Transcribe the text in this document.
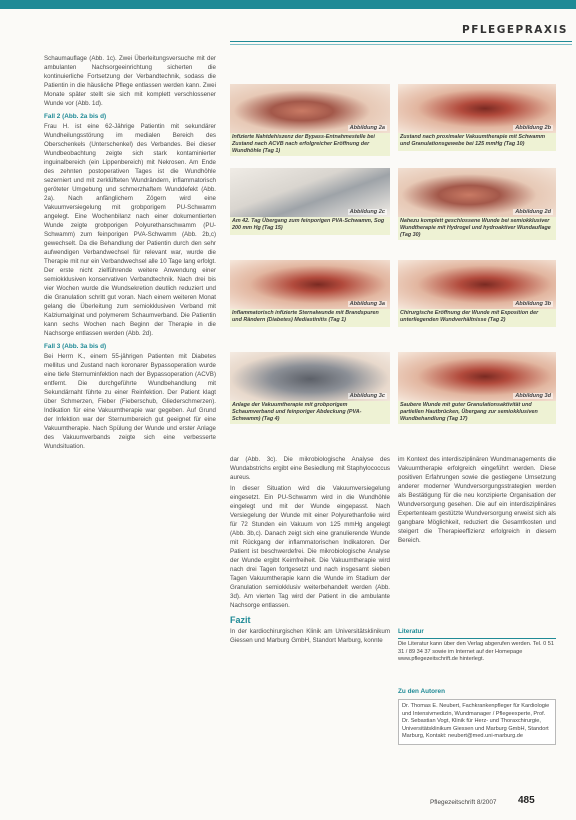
PFLEGEPRAXIS

Schaumauflage (Abb. 1c). Zwei Überleitungsversuche mit der ambulanten Nachsorgeeinrichtung sicherten die kontinuierliche Fortsetzung der Verbandtechnik, sodass die Patientin in die häusliche Pflege entlassen werden kann. Zwei Monate später stellt sie sich mit komplett verschlossener Wunde vor (Abb. 1d).

Fall 2 (Abb. 2a bis d)

Frau H. ist eine 62-Jährige Patientin mit sekundärer Wundheilungsstörung im medialen Bereich des Oberschenkels (Unterschenkel) des Verbandes. Bei dieser Wundbeobachtung zeigte sich stark kontaminierter inguinalbereich (ein Lippenbereich) mit Nekrosen. Am Ende des zehnten postoperativen Tages ist die Wundhöhle sezerniert und mit zerklüfteten Wundrändern, inflammatorisch geröteter Umgebung und schmerzhaftem Wunddefekt (Abb. 2a). Nach anfänglichem Zögern wird eine Vakuumversiegelung mit grobporigem PU-Schwamm angelegt. Eine Wochenbilanz nach einer dokumentierten Wunde zeigte grobporigen Polyurethanschwamm (PU-Schwamm) zum feinporigen PVA-Schwamm (Abb. 2b,c) gewechselt. Da die Behandlung der Patientin durch den sehr aufwendigen Verbandwechsel für relevant war, wurde die Therapie mit nur ein Verbandwechsel alle 10 Tage lang erfolgt. Der erste nicht zielführende weitere Anwendung einer semiokklusiven konservativen Verbandtechnik. Nach drei bis vier Wochen wurde die Wundsekretion deutlich reduziert und die Granulation schritt gut voran. Nach einem weiteren Monat gelang die Überleitung zum semiokklusiven Verband mit Kalziumalginat und polymerem Schaumverband. Die Patientin kann sechs Wochen nach Beginn der Therapie in die Nachsorge entlassen werden (Abb. 2d).

Fall 3 (Abb. 3a bis d)

Bei Herrn K., einem 55-jährigen Patienten mit Diabetes mellitus und Zustand nach koronarer Bypassoperation wurde eine tiefe Sternuminfektion nach der Bypassoperation (ACVB) entfernt. Die durchgeführte Wundbehandlung mit Sekundärnaht führte zu einer Reinfektion. Der Patient klagt über Schmerzen, Fieber (Fieberschub, Gliederschmerzen). Indikation für eine Vakuumtherapie war gegeben. Auf Grund der Infektion war der Sternumbereich gut geeignet für eine Vakuumtherapie. Nach Spülung der Wunde und erster Anlage des Vakuumverbands zeigte sich eine verbesserte Wundsituation.

Abbildung 2a
Infizierte Nahtdehiszenz der Bypass-Entnahmestelle bei Zustand nach ACVB nach erfolgreicher Eröffnung der Wundhöhle (Tag 1)
Abbildung 2b
Zustand nach proximaler Vakuumtherapie mit Schwamm und Granulationsgewebe bei 125 mmHg (Tag 10)
Abbildung 2c
Am 42. Tag Übergang zum feinporigen PVA-Schwamm, Sog 200 mm Hg (Tag 15)
Abbildung 2d
Nahezu komplett geschlossene Wunde bei semiokklusiver Wundtherapie mit Hydrogel und hydroaktiver Wundauflage (Tag 30)
Abbildung 3a
Inflammatorisch infizierte Sternalwunde mit Brandspuren und Rändern (Diabetes) Mediastinitis (Tag 1)
Abbildung 3b
Chirurgische Eröffnung der Wunde mit Exposition der unterliegenden Wundverhältnisse (Tag 2)
Abbildung 3c
Anlage der Vakuumtherapie mit grobporigem Schaumverband und feinporiger Abdeckung (PVA-Schwamm) (Tag 4)
Abbildung 3d
Saubere Wunde mit guter Granulationsaktivität und partiellen Hautbrücken, Übergang zur semiokklusiven Wundbehandlung (Tag 17)

dar (Abb. 3c). Die mikrobiologische Analyse des Wundabstrichs ergibt eine Besiedlung mit Staphylococcus aureus.

In dieser Situation wird die Vakuumversiegelung eingesetzt. Ein PU-Schwamm wird in die Wundhöhle eingelegt und mit der Wunde eingepasst. Nach Versiegelung der Wunde mit einer Polyurethanfolie wird für 72 Stunden ein Vakuum von 125 mmHg angelegt (Abb. 3b,c). Danach zeigt sich eine granulierende Wunde mit Rückgang der inflammatorischen Indikatoren. Der Patient ist beschwerdefrei. Die mikrobiologische Analyse der Wunde ergibt Keimfreiheit. Die Vakuumtherapie wird nach drei Tagen fortgesetzt und nach insgesamt sieben Tagen Vakuumtherapie kann die Wunde im Stadium der Granulation semiokklusiv weiterbehandelt werden (Abb. 3d). Am vierten Tag wird der Patient in die ambulante Nachsorge entlassen.

Fazit

In der kardiochirurgischen Klinik am Universitätsklinikum Giessen und Marburg GmbH, Standort Marburg, konnte

im Kontext des interdisziplinären Wundmanagements die Vakuumtherapie erfolgreich eingeführt werden. Diese positiven Erfahrungen sowie die gestiegene Umsetzung anderer moderner Wundversorgungsstrategien werden als Bestätigung für die neu konzipierte Organisation der Wundversorgung gesehen. Die auf ein interdisziplinäres Expertenteam gestützte Wundversorgung erweist sich als gangbare Möglichkeit, reduziert die Gesamtkosten und steigert die Therapieeffizienz erfolgreich in diesem Bereich.

Literatur
Die Literatur kann über den Verlag abgerufen werden. Tel. 0 51 31 / 89 34 37 sowie im Internet auf der Homepage www.pflegezeitschrift.de hinterlegt.
Zu den Autoren
Dr. Thomas E. Neubert, Fachkrankenpfleger für Kardiologie und Intensivmedizin, Wundmanager / Pflegeexperte, Prof. Dr. Sebastian Vogt, Klinik für Herz- und Thoraxchirurgie, Universitätsklinikum Giessen und Marburg GmbH, Standort Marburg, Kontakt: neubert@med.uni-marburg.de
Pflegezeitschrift 8/2007 485
